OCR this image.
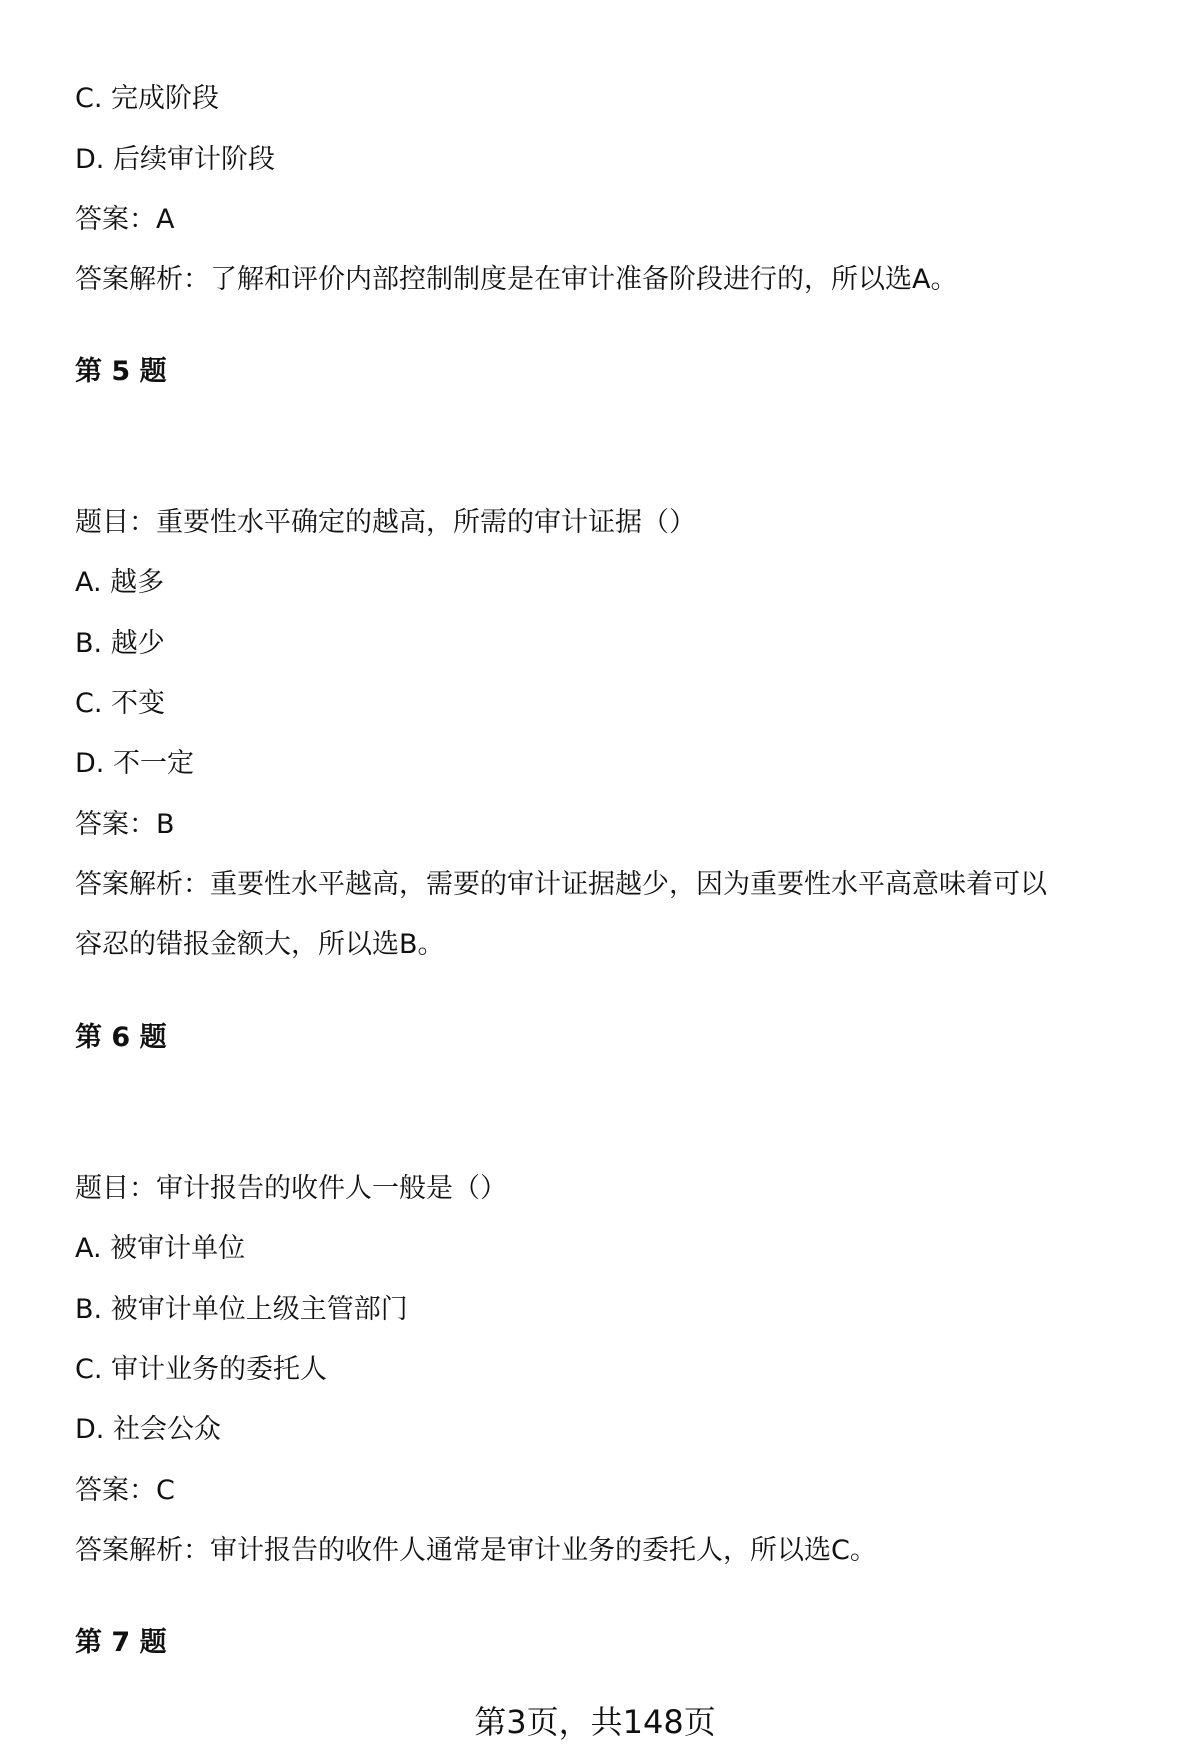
C. 完成阶段
D. 后续审计阶段
答案：A
答案解析：了解和评价内部控制制度是在审计准备阶段进行的，所以选A。
第 5 题
题目：重要性水平确定的越高，所需的审计证据（）
A. 越多
B. 越少
C. 不变
D. 不一定
答案：B
答案解析：重要性水平越高，需要的审计证据越少，因为重要性水平高意味着可以
容忍的错报金额大，所以选B。
第 6 题
题目：审计报告的收件人一般是（）
A. 被审计单位
B. 被审计单位上级主管部门
C. 审计业务的委托人
D. 社会公众
答案：C
答案解析：审计报告的收件人通常是审计业务的委托人，所以选C。
第 7 题
第3页，共148页
